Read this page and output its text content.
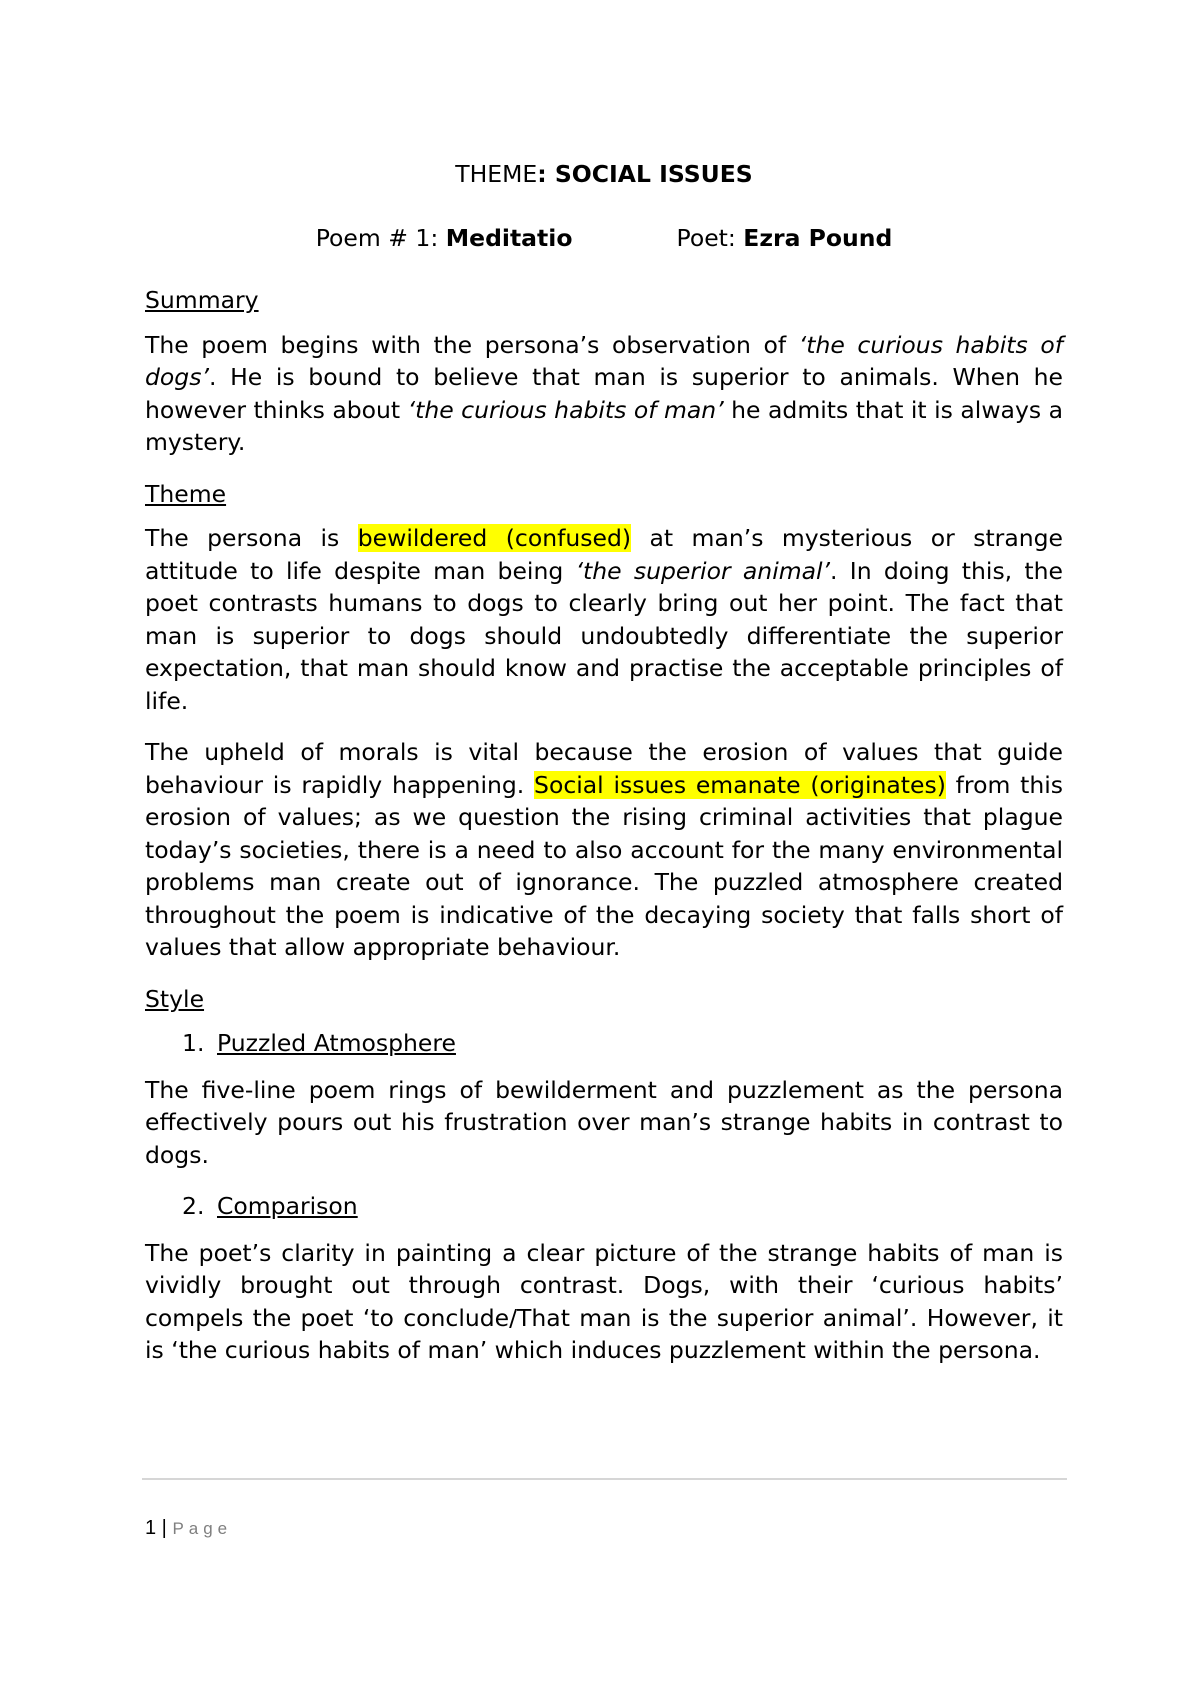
THEME: SOCIAL ISSUES
Poem # 1: Meditatio	Poet: Ezra Pound
Summary

The poem begins with the persona’s observation of ‘the curious habits of dogs’. He is bound to believe that man is superior to animals. When he however thinks about ‘the curious habits of man’ he admits that it is always a mystery.

Theme

The persona is bewildered (confused) at man’s mysterious or strange attitude to life despite man being ‘the superior animal’. In doing this, the poet contrasts humans to dogs to clearly bring out her point. The fact that man is superior to dogs should undoubtedly differentiate the superior expectation, that man should know and practise the acceptable principles of life.

The upheld of morals is vital because the erosion of values that guide behaviour is rapidly happening. Social issues emanate (originates) from this erosion of values; as we question the rising criminal activities that plague today’s societies, there is a need to also account for the many environmental problems man create out of ignorance. The puzzled atmosphere created throughout the poem is indicative of the decaying society that falls short of values that allow appropriate behaviour.

Style
1. Puzzled Atmosphere

The five-line poem rings of bewilderment and puzzlement as the persona effectively pours out his frustration over man’s strange habits in contrast to dogs.

2. Comparison

The poet’s clarity in painting a clear picture of the strange habits of man is vividly brought out through contrast. Dogs, with their ‘curious habits’ compels the poet ‘to conclude/That man is the superior animal’. However, it is ‘the curious habits of man’ which induces puzzlement within the persona.

1 | Page
